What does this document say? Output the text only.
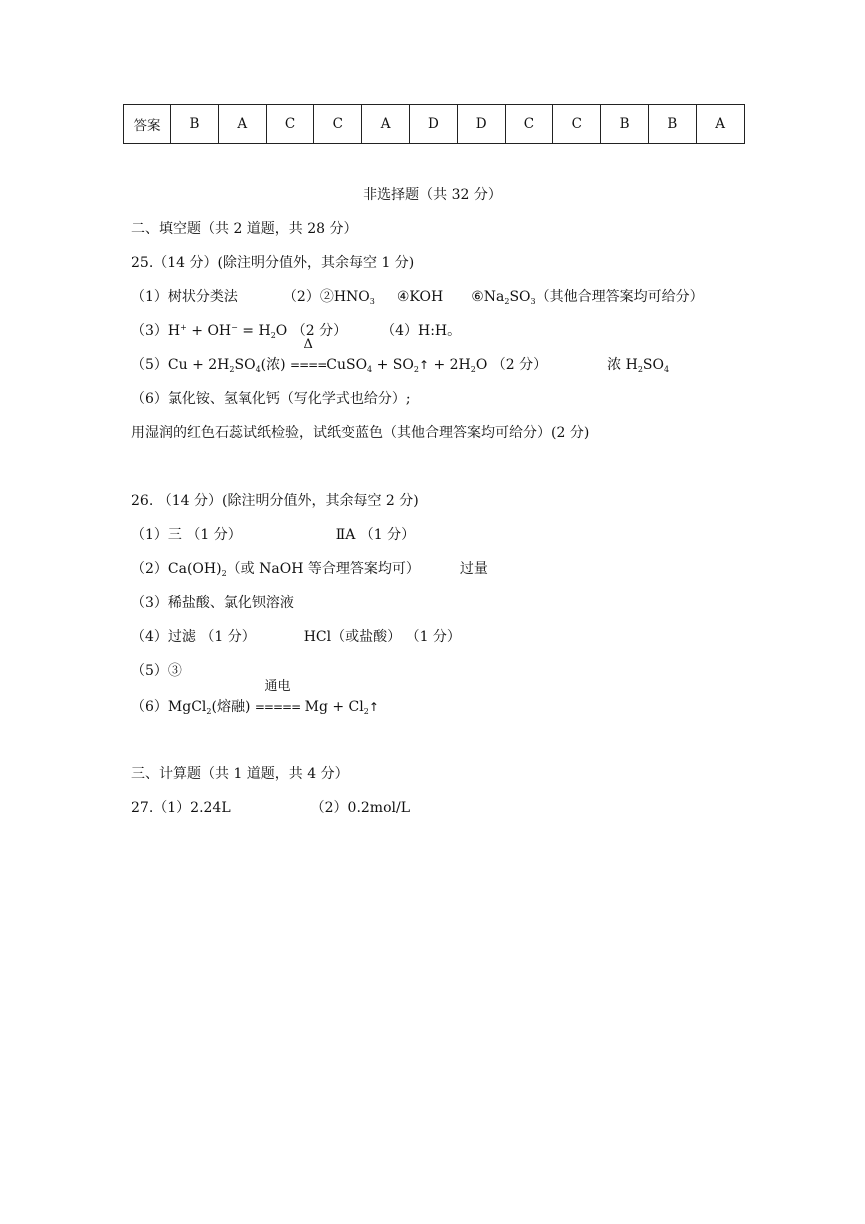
答案	B	A	C	C	A	D	D	C	C	B	B	A
非选择题（共 32 分）
二、填空题（共 2 道题，共 28 分）
25.（14 分）(除注明分值外，其余每空 1 分)
（1）树状分类法	$(2)②HNO_3$ ④KOH $⑥Na_2SO_3$（其他合理答案均可给分）
$(3)H^+ + OH^- = H_2O$ （2 分） （4）H:H。
$(5)Cu + 2H_2SO_4$(浓)
Δ
====CuSO$_4$ + $SO_2↑ + 2H_2O$ （2 分）	浓 $H_2SO_4$
（6）氯化铵、氢氧化钙（写化学式也给分）;
用湿润的红色石蕊试纸检验，试纸变蓝色（其他合理答案均可给分）(2 分)
26. （14 分）(除注明分值外，其余每空 2 分)
（1）三 （1 分）	ⅡA （1 分）
$(2)Ca(OH)_2$（或 NaOH 等合理答案均可）	过量
（3）稀盐酸、氯化钡溶液
（4）过滤 （1 分）	HCl（或盐酸） （1 分）
（5）③
（6）MgCl$_2$(熔融)
通电
===== $Mg + Cl_2↑$
三、计算题（共 1 道题，共 4 分）
27.（1）2.24L	（2）0.2mol/L
